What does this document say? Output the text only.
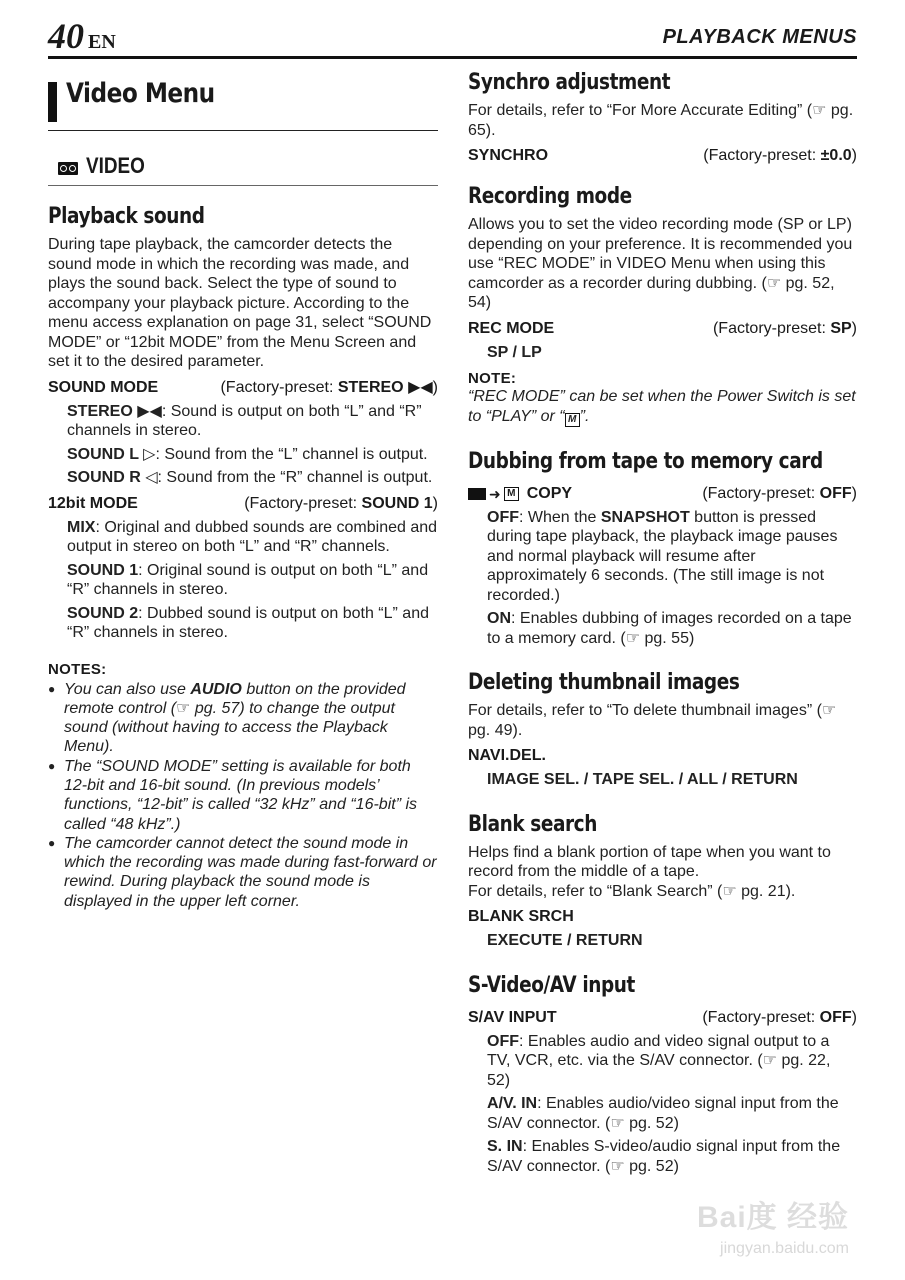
40 EN	PLAYBACK MENUS
Video Menu
VIDEO
Playback sound

During tape playback, the camcorder detects the sound mode in which the recording was made, and plays the sound back. Select the type of sound to accompany your playback picture. According to the menu access explanation on page 31, select “SOUND MODE” or “12bit MODE” from the Menu Screen and set it to the desired parameter.

SOUND MODE	(Factory-preset: STEREO ▶◀)

STEREO ▶◀: Sound is output on both “L” and “R” channels in stereo.

SOUND L ▷: Sound from the “L” channel is output.

SOUND R ◁: Sound from the “R” channel is output.

12bit MODE	(Factory-preset: SOUND 1)

MIX: Original and dubbed sounds are combined and output in stereo on both “L” and “R” channels.

SOUND 1: Original sound is output on both “L” and “R” channels in stereo.

SOUND 2: Dubbed sound is output on both “L” and “R” channels in stereo.

NOTES:
● You can also use AUDIO button on the provided remote control (☞ pg. 57) to change the output sound (without having to access the Playback Menu).
● The “SOUND MODE” setting is available for both 12-bit and 16-bit sound. (In previous models’ functions, “12-bit” is called “32 kHz” and “16-bit” is called “48 kHz”.)
● The camcorder cannot detect the sound mode in which the recording was made during fast-forward or rewind. During playback the sound mode is displayed in the upper left corner.
Synchro adjustment

For details, refer to “For More Accurate Editing” (☞ pg. 65).

SYNCHRO	(Factory-preset: ±0.0)
Recording mode

Allows you to set the video recording mode (SP or LP) depending on your preference. It is recommended you use “REC MODE” in VIDEO Menu when using this camcorder as a recorder during dubbing. (☞ pg. 52, 54)

REC MODE	(Factory-preset: SP)

SP / LP

NOTE:

“REC MODE” can be set when the Power Switch is set to “PLAY” or “ M ”.

Dubbing from tape to memory card
➜ M COPY	(Factory-preset: OFF)

OFF: When the SNAPSHOT button is pressed during tape playback, the playback image pauses and normal playback will resume after approximately 6 seconds. (The still image is not recorded.)

ON: Enables dubbing of images recorded on a tape to a memory card. (☞ pg. 55)

Deleting thumbnail images

For details, refer to “To delete thumbnail images” (☞ pg. 49).

NAVI.DEL.

IMAGE SEL. / TAPE SEL. / ALL / RETURN

Blank search

Helps find a blank portion of tape when you want to record from the middle of a tape.

For details, refer to “Blank Search” (☞ pg. 21).

BLANK SRCH

EXECUTE / RETURN

S-Video/AV input
S/AV INPUT	(Factory-preset: OFF)

OFF: Enables audio and video signal output to a TV, VCR, etc. via the S/AV connector. (☞ pg. 22, 52)

A/V. IN: Enables audio/video signal input from the S/AV connector. (☞ pg. 52)

S. IN: Enables S-video/audio signal input from the S/AV connector. (☞ pg. 52)

Bai度 经验
jingyan.baidu.com
